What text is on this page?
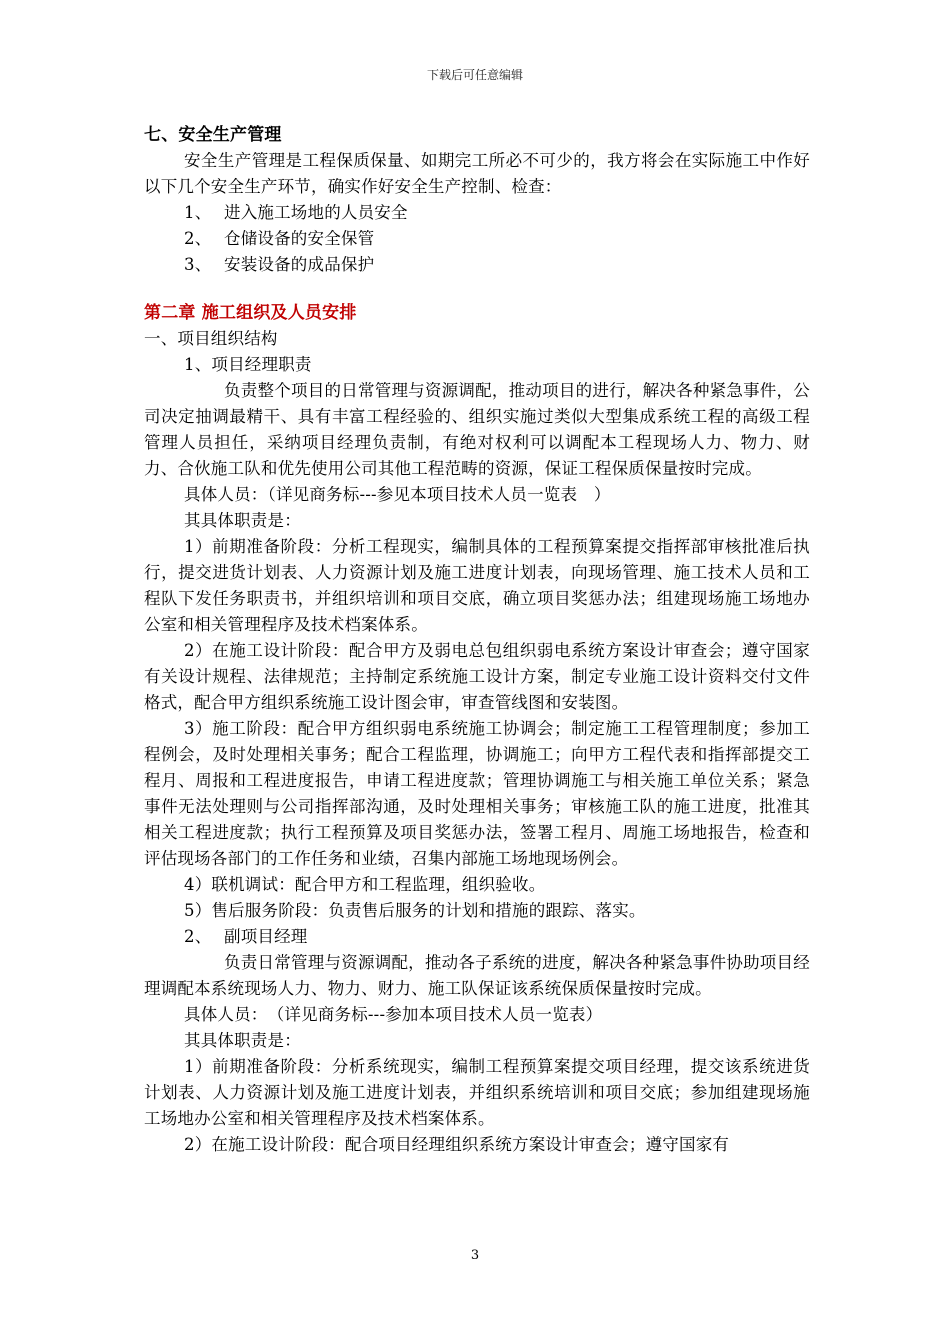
下载后可任意编辑

七、安全生产管理

安全生产管理是工程保质保量、如期完工所必不可少的，我方将会在实际施工中作好以下几个安全生产环节，确实作好安全生产控制、检查：

1、 进入施工场地的人员安全

2、 仓储设备的安全保管

3、 安装设备的成品保护

第二章 施工组织及人员安排

一、项目组织结构

1、项目经理职责

负责整个项目的日常管理与资源调配，推动项目的进行，解决各种紧急事件，公司决定抽调最精干、具有丰富工程经验的、组织实施过类似大型集成系统工程的高级工程管理人员担任，采纳项目经理负责制，有绝对权利可以调配本工程现场人力、物力、财力、合伙施工队和优先使用公司其他工程范畴的资源，保证工程保质保量按时完成。

具体人员：（详见商务标---参见本项目技术人员一览表　）

其具体职责是：

1）前期准备阶段：分析工程现实，编制具体的工程预算案提交指挥部审核批准后执行，提交进货计划表、人力资源计划及施工进度计划表，向现场管理、施工技术人员和工程队下发任务职责书，并组织培训和项目交底，确立项目奖惩办法；组建现场施工场地办公室和相关管理程序及技术档案体系。

2）在施工设计阶段：配合甲方及弱电总包组织弱电系统方案设计审查会；遵守国家有关设计规程、法律规范；主持制定系统施工设计方案，制定专业施工设计资料交付文件格式，配合甲方组织系统施工设计图会审，审查管线图和安装图。

3）施工阶段：配合甲方组织弱电系统施工协调会；制定施工工程管理制度；参加工程例会，及时处理相关事务；配合工程监理，协调施工；向甲方工程代表和指挥部提交工程月、周报和工程进度报告，申请工程进度款；管理协调施工与相关施工单位关系；紧急事件无法处理则与公司指挥部沟通，及时处理相关事务；审核施工队的施工进度，批准其相关工程进度款；执行工程预算及项目奖惩办法，签署工程月、周施工场地报告，检查和评估现场各部门的工作任务和业绩，召集内部施工场地现场例会。

4）联机调试：配合甲方和工程监理，组织验收。

5）售后服务阶段：负责售后服务的计划和措施的跟踪、落实。

2、 副项目经理

负责日常管理与资源调配，推动各子系统的进度，解决各种紧急事件协助项目经理调配本系统现场人力、物力、财力、施工队保证该系统保质保量按时完成。

具体人员：　（详见商务标---参加本项目技术人员一览表）

其具体职责是：

1）前期准备阶段：分析系统现实，编制工程预算案提交项目经理，提交该系统进货计划表、人力资源计划及施工进度计划表，并组织系统培训和项目交底；参加组建现场施工场地办公室和相关管理程序及技术档案体系。

2）在施工设计阶段：配合项目经理组织系统方案设计审查会；遵守国家有

3
